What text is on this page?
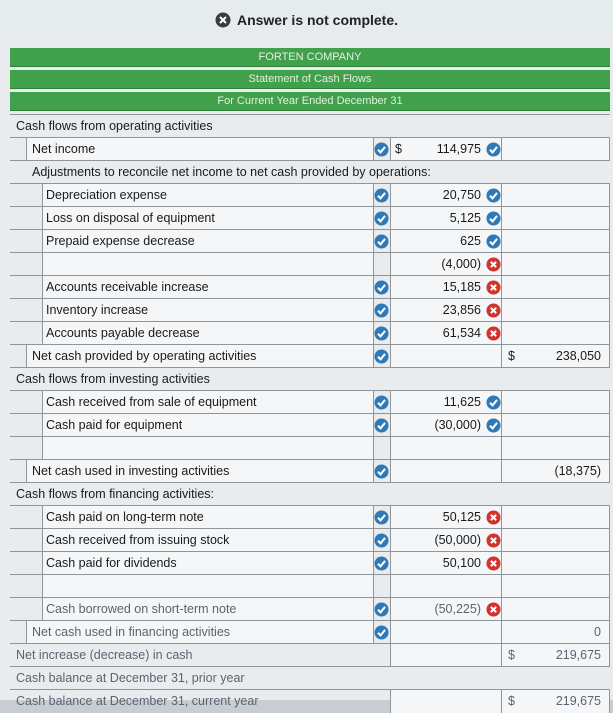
Answer is not complete.
FORTEN COMPANY
Statement of Cash Flows
For Current Year Ended December 31
Cash flows from operating activities
Net income	$	114,975
Adjustments to reconcile net income to net cash provided by operations:
Depreciation expense	20,750
Loss on disposal of equipment	5,125
Prepaid expense decrease	625
(4,000)
Accounts receivable increase	15,185
Inventory increase	23,856
Accounts payable decrease	61,534
Net cash provided by operating activities	$	238,050
Cash flows from investing activities
Cash received from sale of equipment	11,625
Cash paid for equipment	(30,000)
Net cash used in investing activities	(18,375)
Cash flows from financing activities:
Cash paid on long-term note	50,125
Cash received from issuing stock	(50,000)
Cash paid for dividends	50,100
Cash borrowed on short-term note	(50,225)
Net cash used in financing activities	0
Net increase (decrease) in cash	$	219,675
Cash balance at December 31, prior year
Cash balance at December 31, current year	$	219,675
